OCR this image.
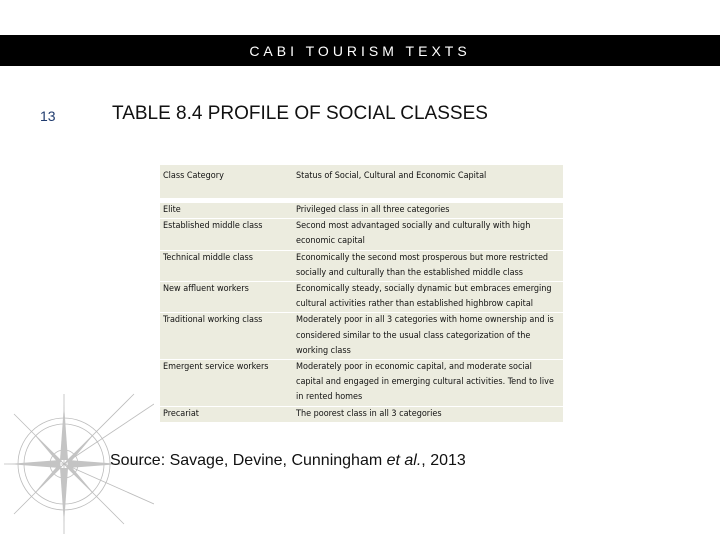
CABI TOURISM TEXTS
13	TABLE 8.4 PROFILE OF SOCIAL CLASSES
Class Category	Status of Social, Cultural and Economic Capital

Elite	Privileged class in all three categories
Established middle class	Second most advantaged socially and culturally with high economic capital
Technical middle class	Economically the second most prosperous but more restricted socially and culturally than the established middle class
New affluent workers	Economically steady, socially dynamic but embraces emerging cultural activities rather than established highbrow capital
Traditional working class	Moderately poor in all 3 categories with home ownership and is considered similar to the usual class categorization of the working class
Emergent service workers	Moderately poor in economic capital, and moderate social capital and engaged in emerging cultural activities. Tend to live in rented homes
Precariat	The poorest class in all 3 categories
Source: Savage, Devine, Cunningham et al., 2013
